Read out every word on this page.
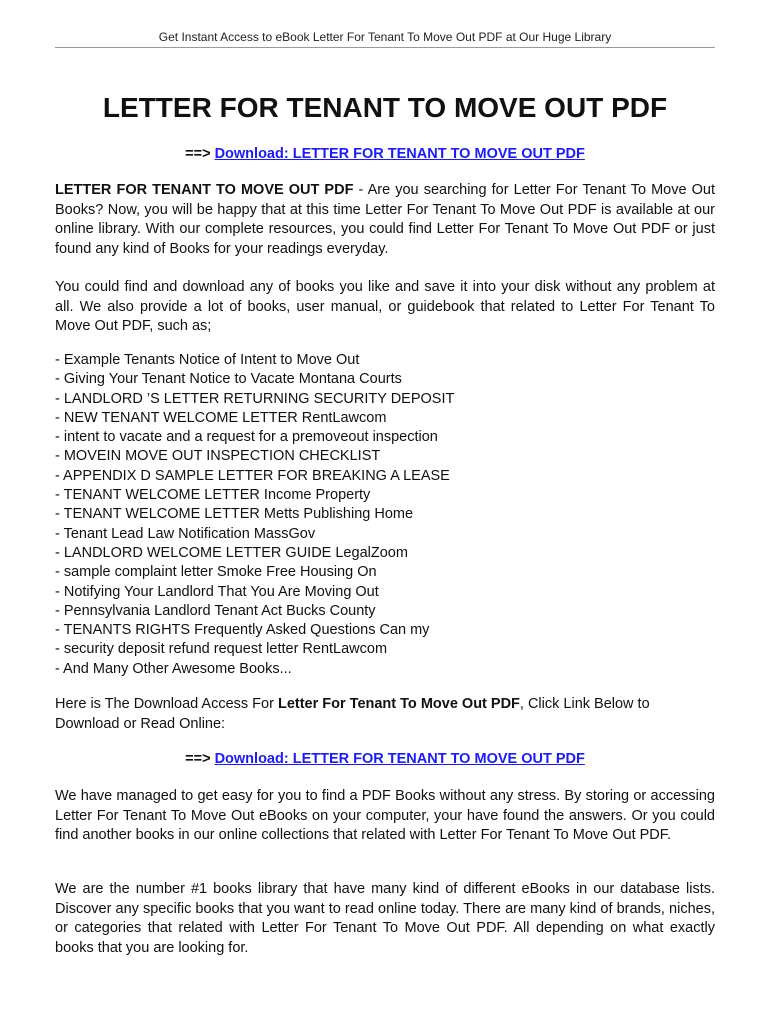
Get Instant Access to eBook Letter For Tenant To Move Out PDF at Our Huge Library
LETTER FOR TENANT TO MOVE OUT PDF
==> Download: LETTER FOR TENANT TO MOVE OUT PDF

LETTER FOR TENANT TO MOVE OUT PDF - Are you searching for Letter For Tenant To Move Out Books? Now, you will be happy that at this time Letter For Tenant To Move Out PDF is available at our online library. With our complete resources, you could find Letter For Tenant To Move Out PDF or just found any kind of Books for your readings everyday.

You could find and download any of books you like and save it into your disk without any problem at all. We also provide a lot of books, user manual, or guidebook that related to Letter For Tenant To Move Out PDF, such as;

- Example Tenants Notice of Intent to Move Out
- Giving Your Tenant Notice to Vacate Montana Courts
- LANDLORD ’S LETTER RETURNING SECURITY DEPOSIT
- NEW TENANT WELCOME LETTER RentLawcom
- intent to vacate and a request for a premoveout inspection
- MOVEIN MOVE OUT INSPECTION CHECKLIST
- APPENDIX D SAMPLE LETTER FOR BREAKING A LEASE
- TENANT WELCOME LETTER Income Property
- TENANT WELCOME LETTER Metts Publishing Home
- Tenant Lead Law Notification MassGov
- LANDLORD WELCOME LETTER GUIDE LegalZoom
- sample complaint letter Smoke Free Housing On
- Notifying Your Landlord That You Are Moving Out
- Pennsylvania Landlord Tenant Act Bucks County
- TENANTS RIGHTS Frequently Asked Questions Can my
- security deposit refund request letter RentLawcom
- And Many Other Awesome Books...

Here is The Download Access For Letter For Tenant To Move Out PDF, Click Link Below to Download or Read Online:

==> Download: LETTER FOR TENANT TO MOVE OUT PDF

We have managed to get easy for you to find a PDF Books without any stress. By storing or accessing Letter For Tenant To Move Out eBooks on your computer, your have found the answers. Or you could find another books in our online collections that related with Letter For Tenant To Move Out PDF.

We are the number #1 books library that have many kind of different eBooks in our database lists. Discover any specific books that you want to read online today. There are many kind of brands, niches, or categories that related with Letter For Tenant To Move Out PDF. All depending on what exactly books that you are looking for.
